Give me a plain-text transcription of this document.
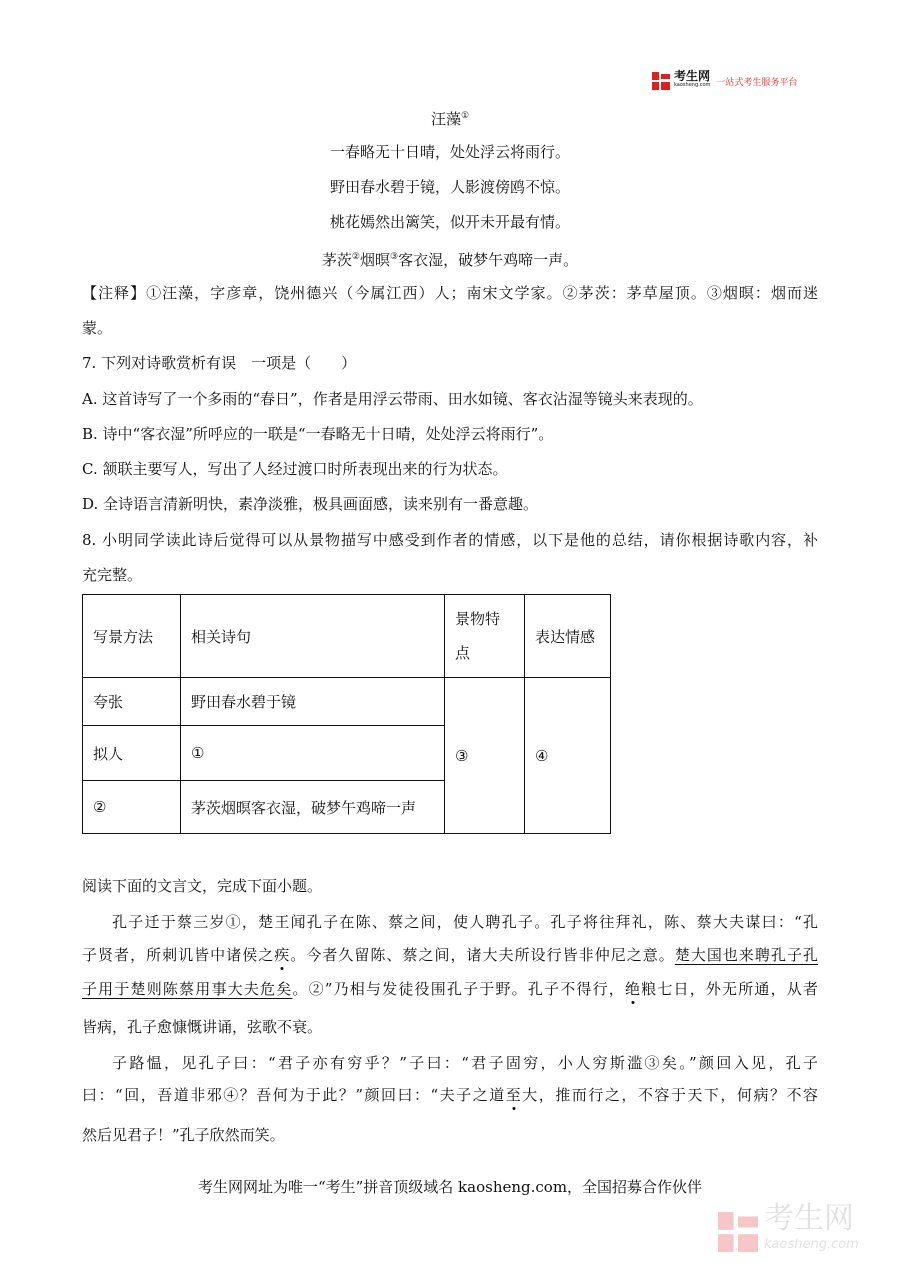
考生网
kaosheng.com 一站式考生服务平台
汪藻①
一春略无十日晴，处处浮云将雨行。
野田春水碧于镜，人影渡傍鸥不惊。
桃花嫣然出篱笑，似开未开最有情。
茅茨②烟暝③客衣湿，破梦午鸡啼一声。
【注释】①汪藻，字彦章，饶州德兴（今属江西）人；南宋文学家。②茅茨：茅草屋顶。③烟暝：烟而迷
蒙。
7. 下列对诗歌赏析有误　一项是（　　）
A. 这首诗写了一个多雨的“春日”，作者是用浮云带雨、田水如镜、客衣沾湿等镜头来表现的。
B. 诗中“客衣湿”所呼应的一联是“一春略无十日晴，处处浮云将雨行”。
C. 颔联主要写人，写出了人经过渡口时所表现出来的行为状态。
D. 全诗语言清新明快，素净淡雅，极具画面感，读来别有一番意趣。
8. 小明同学读此诗后觉得可以从景物描写中感受到作者的情感，以下是他的总结，请你根据诗歌内容，补
充完整。
写景方法	相关诗句	景物特点	表达情感
夸张	野田春水碧于镜	③	④
拟人	①		
②	茅茨烟暝客衣湿，破梦午鸡啼一声		
阅读下面的文言文，完成下面小题。
孔子迁于蔡三岁①，楚王闻孔子在陈、蔡之间，使人聘孔子。孔子将往拜礼，陈、蔡大夫谋曰：“孔
子贤者，所刺讥皆中诸侯之疾。今者久留陈、蔡之间，诸大夫所设行皆非仲尼之意。楚大国也来聘孔子孔
子用于楚则陈蔡用事大夫危矣。②”乃相与发徒役围孔子于野。孔子不得行，绝粮七日，外无所通，从者
皆病，孔子愈慷慨讲诵，弦歌不衰。
子路愠，见孔子曰：“君子亦有穷乎？”子曰：“君子固穷，小人穷斯滥③矣。”颜回入见，孔子
曰：“回，吾道非邪④？吾何为于此？”颜回曰：“夫子之道至大，推而行之，不容于天下，何病？不容
然后见君子！”孔子欣然而笑。
考生网网址为唯一“考生”拼音顶级域名 kaosheng.com，全国招募合作伙伴
考生网
kaosheng.com
